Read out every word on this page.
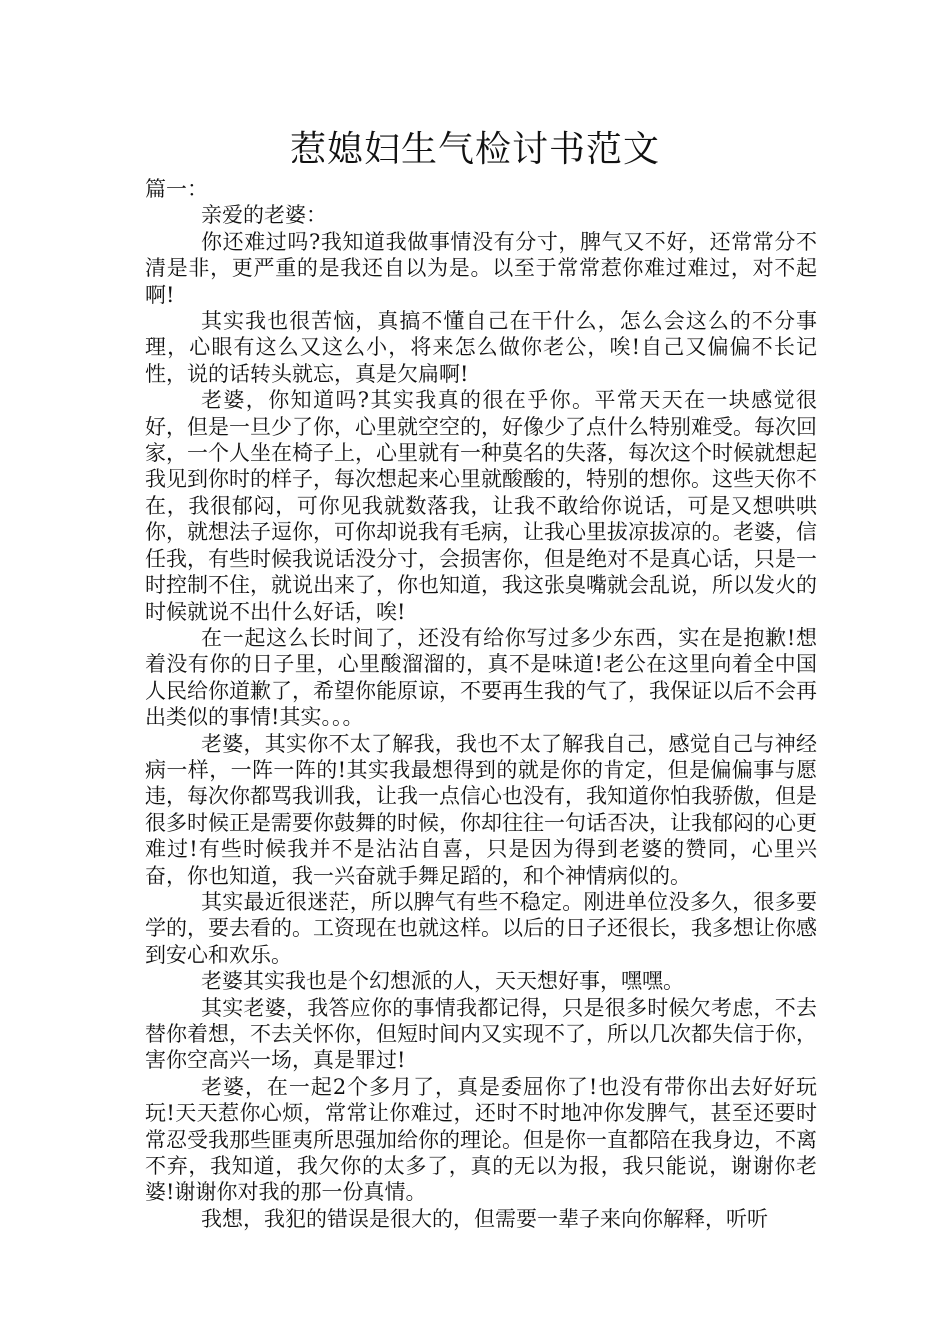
惹媳妇生气检讨书范文

篇一：

亲爱的老婆：

你还难过吗?我知道我做事情没有分寸，脾气又不好，还常常分不清是非，更严重的是我还自以为是。以至于常常惹你难过难过，对不起啊!

其实我也很苦恼，真搞不懂自己在干什么，怎么会这么的不分事理，心眼有这么又这么小，将来怎么做你老公，唉!自己又偏偏不长记性，说的话转头就忘，真是欠扁啊!

老婆，你知道吗?其实我真的很在乎你。平常天天在一块感觉很好，但是一旦少了你，心里就空空的，好像少了点什么特别难受。每次回家，一个人坐在椅子上，心里就有一种莫名的失落，每次这个时候就想起我见到你时的样子，每次想起来心里就酸酸的，特别的想你。这些天你不在，我很郁闷，可你见我就数落我，让我不敢给你说话，可是又想哄哄你，就想法子逗你，可你却说我有毛病，让我心里拔凉拔凉的。老婆，信任我，有些时候我说话没分寸，会损害你，但是绝对不是真心话，只是一时控制不住，就说出来了，你也知道，我这张臭嘴就会乱说，所以发火的时候就说不出什么好话，唉!

在一起这么长时间了，还没有给你写过多少东西，实在是抱歉!想着没有你的日子里，心里酸溜溜的，真不是味道!老公在这里向着全中国人民给你道歉了，希望你能原谅，不要再生我的气了，我保证以后不会再出类似的事情!其实。。。

老婆，其实你不太了解我，我也不太了解我自己，感觉自己与神经病一样，一阵一阵的!其实我最想得到的就是你的肯定，但是偏偏事与愿违，每次你都骂我训我，让我一点信心也没有，我知道你怕我骄傲，但是很多时候正是需要你鼓舞的时候，你却往往一句话否决，让我郁闷的心更难过!有些时候我并不是沾沾自喜，只是因为得到老婆的赞同，心里兴奋，你也知道，我一兴奋就手舞足蹈的，和个神情病似的。

其实最近很迷茫，所以脾气有些不稳定。刚进单位没多久，很多要学的，要去看的。工资现在也就这样。以后的日子还很长，我多想让你感到安心和欢乐。

老婆其实我也是个幻想派的人，天天想好事，嘿嘿。

其实老婆，我答应你的事情我都记得，只是很多时候欠考虑，不去替你着想，不去关怀你，但短时间内又实现不了，所以几次都失信于你，害你空高兴一场，真是罪过!

老婆，在一起2个多月了，真是委屈你了!也没有带你出去好好玩玩!天天惹你心烦，常常让你难过，还时不时地冲你发脾气，甚至还要时常忍受我那些匪夷所思强加给你的理论。但是你一直都陪在我身边，不离不弃，我知道，我欠你的太多了，真的无以为报，我只能说，谢谢你老婆!谢谢你对我的那一份真情。

我想，我犯的错误是很大的，但需要一辈子来向你解释，听听
